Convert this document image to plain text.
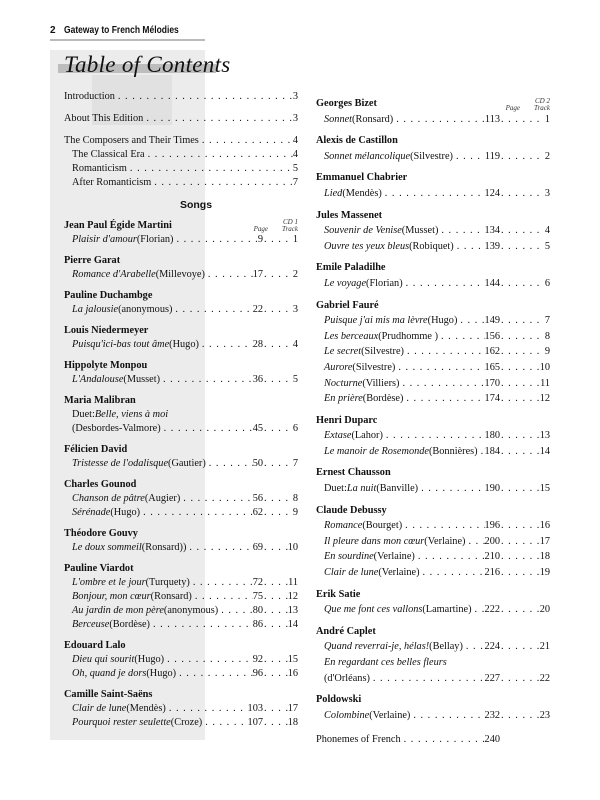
2 Gateway to French Mélodies
Table of Contents
Introduction . . .	3
About This Edition . . .	3
The Composers and Their Times . . .	4
The Classical Era . . .	4
Romanticism . . .	5
After Romanticism . . .	7
Songs
Jean Paul Égide Martini	Page
CD 1
Track
Plaisir d'amour (Florian) . . .	9 . . .	1
Pierre Garat
Romance d'Arabelle (Millevoye) . . .	17 . . .	2
Pauline Duchambge
La jalousie (anonymous) . . .	22 . . .	3
Louis Niedermeyer
Puisqu'ici-bas tout âme (Hugo) . . .	28 . . .	4
Hippolyte Monpou
L'Andalouse (Musset) . . .	36 . . .	5
Maria Malibran
Duet: Belle, viens à moi
(Desbordes-Valmore) . . .	45 . . .	6
Félicien David
Tristesse de l'odalisque (Gautier) . . .	50 . . .	7
Charles Gounod
Chanson de pâtre (Augier) . . .	56 . . .	8
Sérénade (Hugo) . . .	62 . . .	9
Théodore Gouvy
Le doux sommeil (Ronsard)) . . .	69 . . . 10
Pauline Viardot
L'ombre et le jour (Turquety) . . .	72 . . . 11
Bonjour, mon cœur (Ronsard) . . .	75 . . . 12
Au jardin de mon père (anonymous) . . .	80 . . . 13
Berceuse (Bordèse) . . .	86 . . . 14
Edouard Lalo
Dieu qui sourit (Hugo) . . .	92 . . . 15
Oh, quand je dors (Hugo) . . .	96 . . . 16
Camille Saint-Saëns
Clair de lune (Mendès) . . .	103 . . . 17
Pourquoi rester seulette (Croze) . . .	107 . . . 18
Georges Bizet	Page
CD 2
Track
Sonnet (Ronsard) . . .	113 . . .	1
Alexis de Castillon
Sonnet mélancolique (Silvestre) . . .	119 . . .	2
Emmanuel Chabrier
Lied (Mendès) . . .	124 . . .	3
Jules Massenet
Souvenir de Venise (Musset) . . .	134 . . .	4
Ouvre tes yeux bleus (Robiquet) . . .	139 . . .	5
Emile Paladilhe
Le voyage (Florian) . . .	144 . . .	6
Gabriel Fauré
Puisque j'ai mis ma lèvre (Hugo) . . .	149 . . .	7
Les berceaux (Prudhomme ) . . .	156 . . .	8
Le secret (Silvestre) . . .	162 . . .	9
Aurore (Silvestre) . . .	165 . . .	10
Nocturne (Villiers) . . .	170 . . .	11
En prière (Bordèse) . . .	174 . . .	12
Henri Duparc
Extase (Lahor) . . .	180 . . .	13
Le manoir de Rosemonde (Bonnières) . . . 184 . . .	14
Ernest Chausson
Duet: La nuit (Banville) . . .	190 . . .	15
Claude Debussy
Romance (Bourget) . . .	196 . . .	16
Il pleure dans mon cœur (Verlaine) . . . 200 . . .	17
En sourdine (Verlaine) . . .	210 . . .	18
Clair de lune (Verlaine) . . .	216 . . .	19
Erik Satie
Que me font ces vallons (Lamartine) . . . 222 . . .	20
André Caplet
Quand reverrai-je, hélas! (Bellay) . . . 224 . . .	21
En regardant ces belles fleurs
(d'Orléans) . . .	227 . . .	22
Poldowski
Colombine (Verlaine) . . .	232 . . .	23
Phonemes of French . . .	240
